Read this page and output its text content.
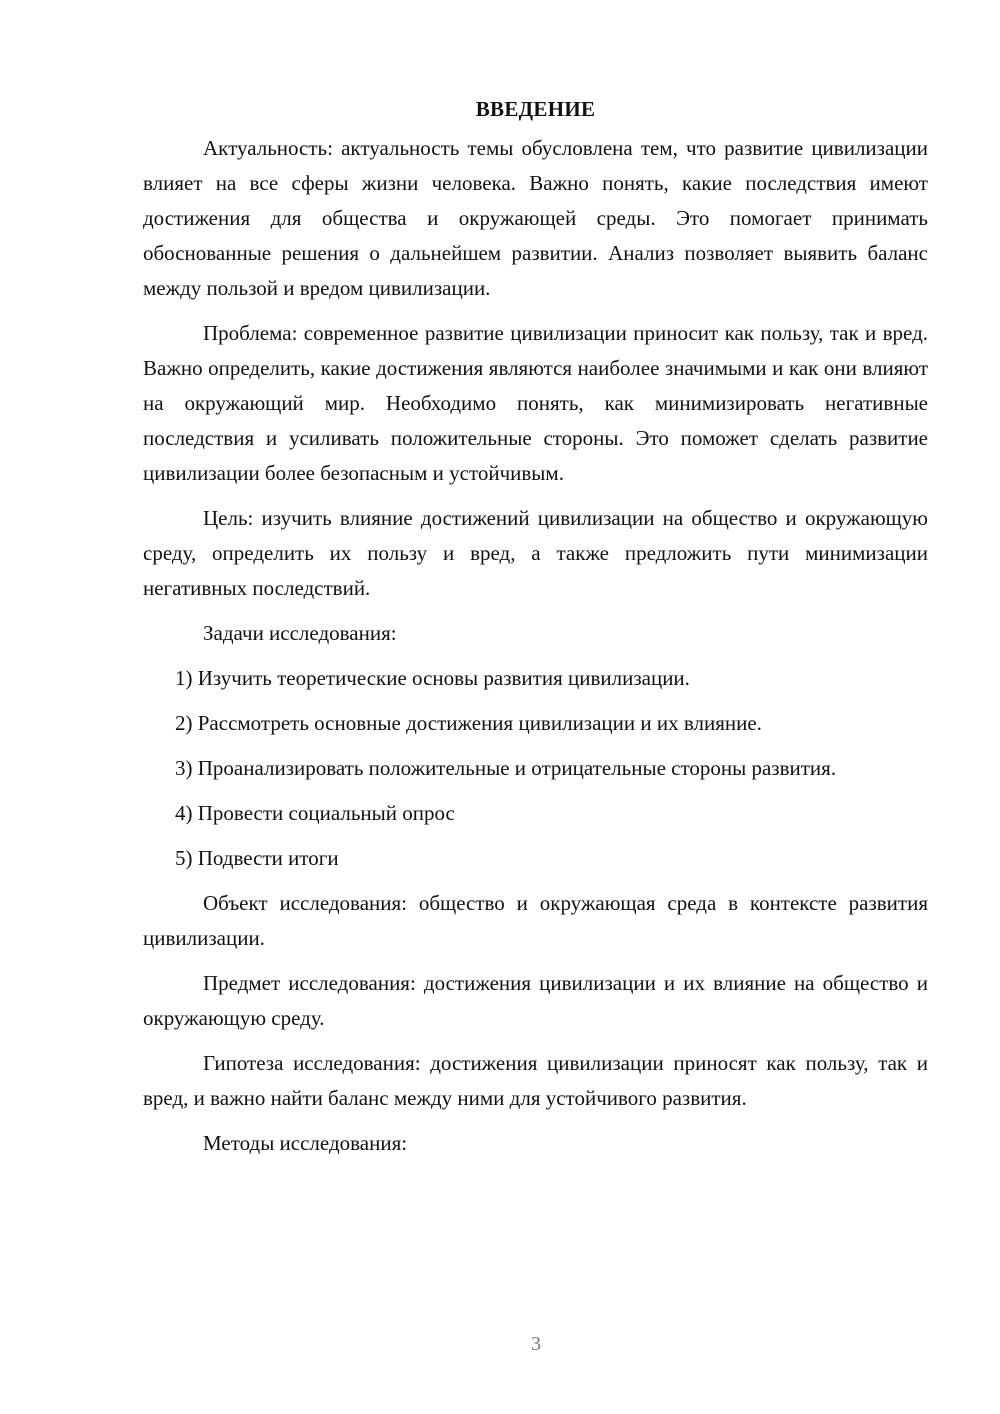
ВВЕДЕНИЕ

Актуальность: актуальность темы обусловлена тем, что развитие цивилизации влияет на все сферы жизни человека. Важно понять, какие последствия имеют достижения для общества и окружающей среды. Это помогает принимать обоснованные решения о дальнейшем развитии. Анализ позволяет выявить баланс между пользой и вредом цивилизации.

Проблема: современное развитие цивилизации приносит как пользу, так и вред. Важно определить, какие достижения являются наиболее значимыми и как они влияют на окружающий мир. Необходимо понять, как минимизировать негативные последствия и усиливать положительные стороны. Это поможет сделать развитие цивилизации более безопасным и устойчивым.

Цель: изучить влияние достижений цивилизации на общество и окружающую среду, определить их пользу и вред, а также предложить пути минимизации негативных последствий.

Задачи исследования:

1) Изучить теоретические основы развития цивилизации.

2) Рассмотреть основные достижения цивилизации и их влияние.

3) Проанализировать положительные и отрицательные стороны развития.

4) Провести социальный опрос

5) Подвести итоги

Объект исследования: общество и окружающая среда в контексте развития цивилизации.

Предмет исследования: достижения цивилизации и их влияние на общество и окружающую среду.

Гипотеза исследования: достижения цивилизации приносят как пользу, так и вред, и важно найти баланс между ними для устойчивого развития.

Методы исследования:

3
